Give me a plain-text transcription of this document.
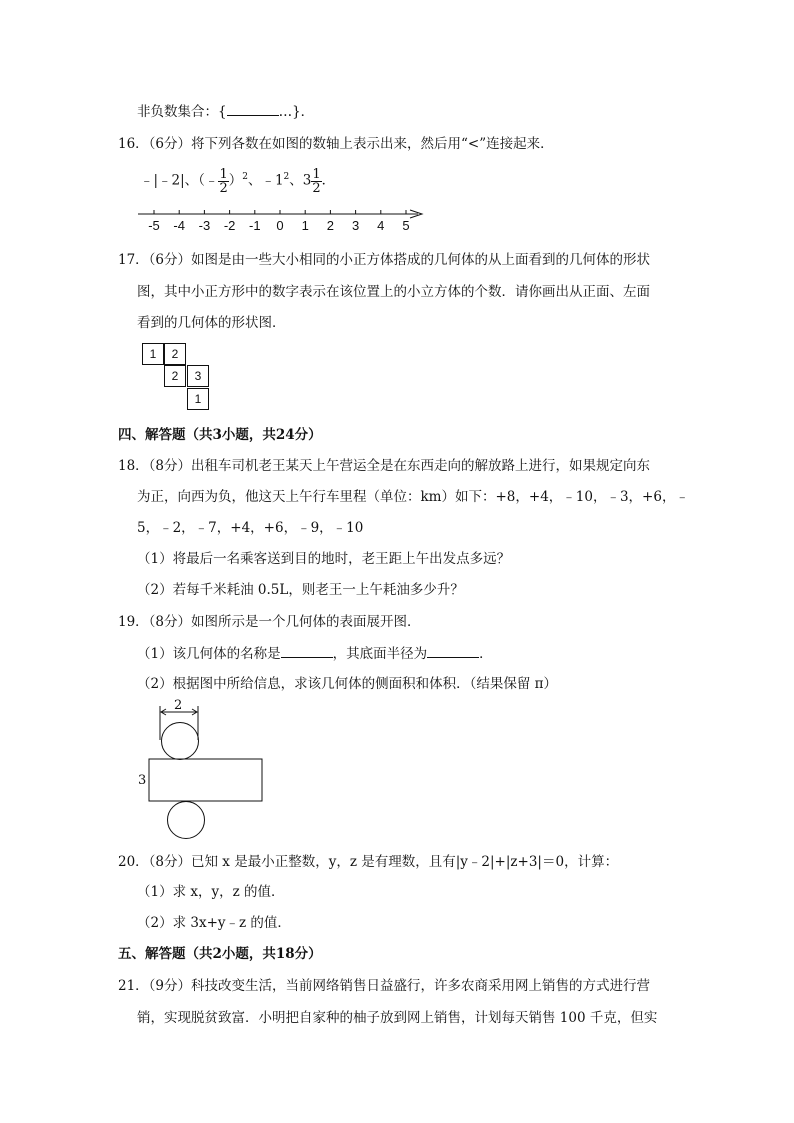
非负数集合：{	…}．
16．（6分）将下列各数在如图的数轴上表示出来，然后用“<”连接起来．
﹣|﹣2|、（﹣ $\frac{1}{2} )^2$、$﹣1^2$、$3 \frac{1}{2}$ ．
-5	-4	-3	-2	-1	0	1	2	3	4	5
17．（6分）如图是由一些大小相同的小正方体搭成的几何体的从上面看到的几何体的形状
图，其中小正方形中的数字表示在该位置上的小立方体的个数．请你画出从正面、左面
看到的几何体的形状图．
1	2
2	3
1
四、解答题（共3小题，共24分）
18．（8分）出租车司机老王某天上午营运全是在东西走向的解放路上进行，如果规定向东
为正，向西为负，他这天上午行车里程（单位：km）如下：+8，+4，﹣10，﹣3，+6，﹣
5，﹣2，﹣7，+4，+6，﹣9，﹣10
（1）将最后一名乘客送到目的地时，老王距上午出发点多远？
（2）若每千米耗油 0.5L，则老王一上午耗油多少升？
19．（8分）如图所示是一个几何体的表面展开图．
（1）该几何体的名称是	，其底面半径为	．
（2）根据图中所给信息，求该几何体的侧面积和体积．（结果保留 π）
2
3
20．（8分）已知 x 是最小正整数，y，z 是有理数，且有|y﹣2|+|z+3|＝0，计算：
（1）求 x，y，z 的值．
（2）求 3x+y﹣z 的值．
五、解答题（共2小题，共18分）
21．（9分）科技改变生活，当前网络销售日益盛行，许多农商采用网上销售的方式进行营
销，实现脱贫致富．小明把自家种的柚子放到网上销售，计划每天销售 100 千克，但实
